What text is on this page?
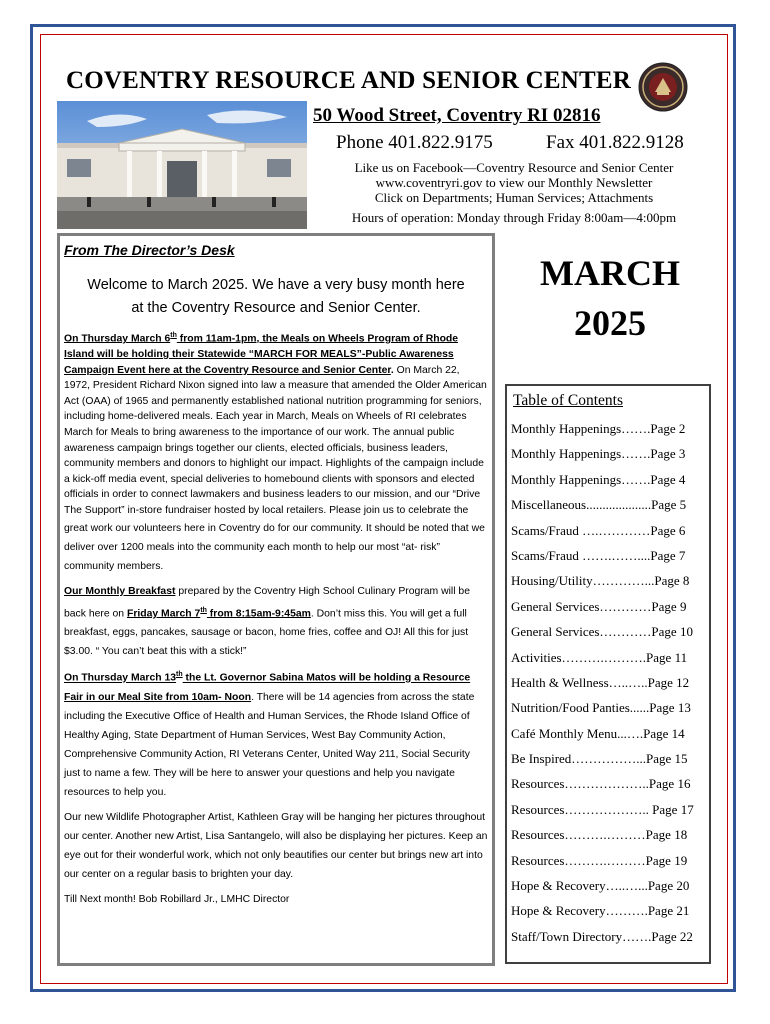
COVENTRY RESOURCE AND SENIOR CENTER
50 Wood Street, Coventry RI 02816
Phone 401.822.9175	Fax 401.822.9128
Like us on Facebook—Coventry Resource and Senior Center
www.coventryri.gov to view our Monthly Newsletter
Click on Departments; Human Services; Attachments
Hours of operation: Monday through Friday 8:00am—4:00pm
From The Director’s Desk
Welcome to March 2025. We have a very busy month here
at the Coventry Resource and Senior Center.

On Thursday March 6th from 11am-1pm, the Meals on Wheels Program of Rhode Island will be holding their Statewide “MARCH FOR MEALS”-Public Awareness Campaign Event here at the Coventry Resource and Senior Center. On March 22, 1972, President Richard Nixon signed into law a measure that amended the Older American Act (OAA) of 1965 and permanently established national nutrition programming for seniors, including home-delivered meals. Each year in March, Meals on Wheels of RI celebrates March for Meals to bring awareness to the importance of our work. The annual public awareness campaign brings together our clients, elected officials, business leaders, community members and donors to highlight our impact. Highlights of the campaign include a kick-off media event, special deliveries to homebound clients with sponsors and elected officials in order to connect lawmakers and business leaders to our mission, and our “Drive The Support” in-store fundraiser hosted by local retailers. Please join us to celebrate the great work our volunteers here in Coventry do for our community. It should be noted that we deliver over 1200 meals into the community each month to help our most “at- risk” community members.

Our Monthly Breakfast prepared by the Coventry High School Culinary Program will be back here on Friday March 7th from 8:15am-9:45am. Don’t miss this. You will get a full breakfast, eggs, pancakes, sausage or bacon, home fries, coffee and OJ! All this for just $3.00. “ You can’t beat this with a stick!”

On Thursday March 13th the Lt. Governor Sabina Matos will be holding a Resource Fair in our Meal Site from 10am- Noon. There will be 14 agencies from across the state including the Executive Office of Health and Human Services, the Rhode Island Office of Healthy Aging, State Department of Human Services, West Bay Community Action, Comprehensive Community Action, RI Veterans Center, United Way 211, Social Security just to name a few. They will be here to answer your questions and help you navigate resources to help you.

Our new Wildlife Photographer Artist, Kathleen Gray will be hanging her pictures throughout our center. Another new Artist, Lisa Santangelo, will also be displaying her pictures. Keep an eye out for their wonderful work, which not only beautifies our center but brings new art into our center on a regular basis to brighten your day.

Till Next month! Bob Robillard Jr., LMHC Director

MARCH
2025
Table of Contents
Monthly Happenings…….Page 2
Monthly Happenings…….Page 3
Monthly Happenings…….Page 4
Miscellaneous....................Page 5
Scams/Fraud ….…………Page 6
Scams/Fraud …….……....Page 7
Housing/Utility…………...Page 8
General Services…………Page 9
General Services…………Page 10
Activities……….……….Page 11
Health & Wellness…..…..Page 12
Nutrition/Food Panties......Page 13
Café Monthly Menu...….Page 14
Be Inspired……………...Page 15
Resources………………..Page 16
Resources……………….. Page 17
Resources……….………Page 18
Resources……….………Page 19
Hope & Recovery…..…...Page 20
Hope & Recovery……….Page 21
Staff/Town Directory…….Page 22
